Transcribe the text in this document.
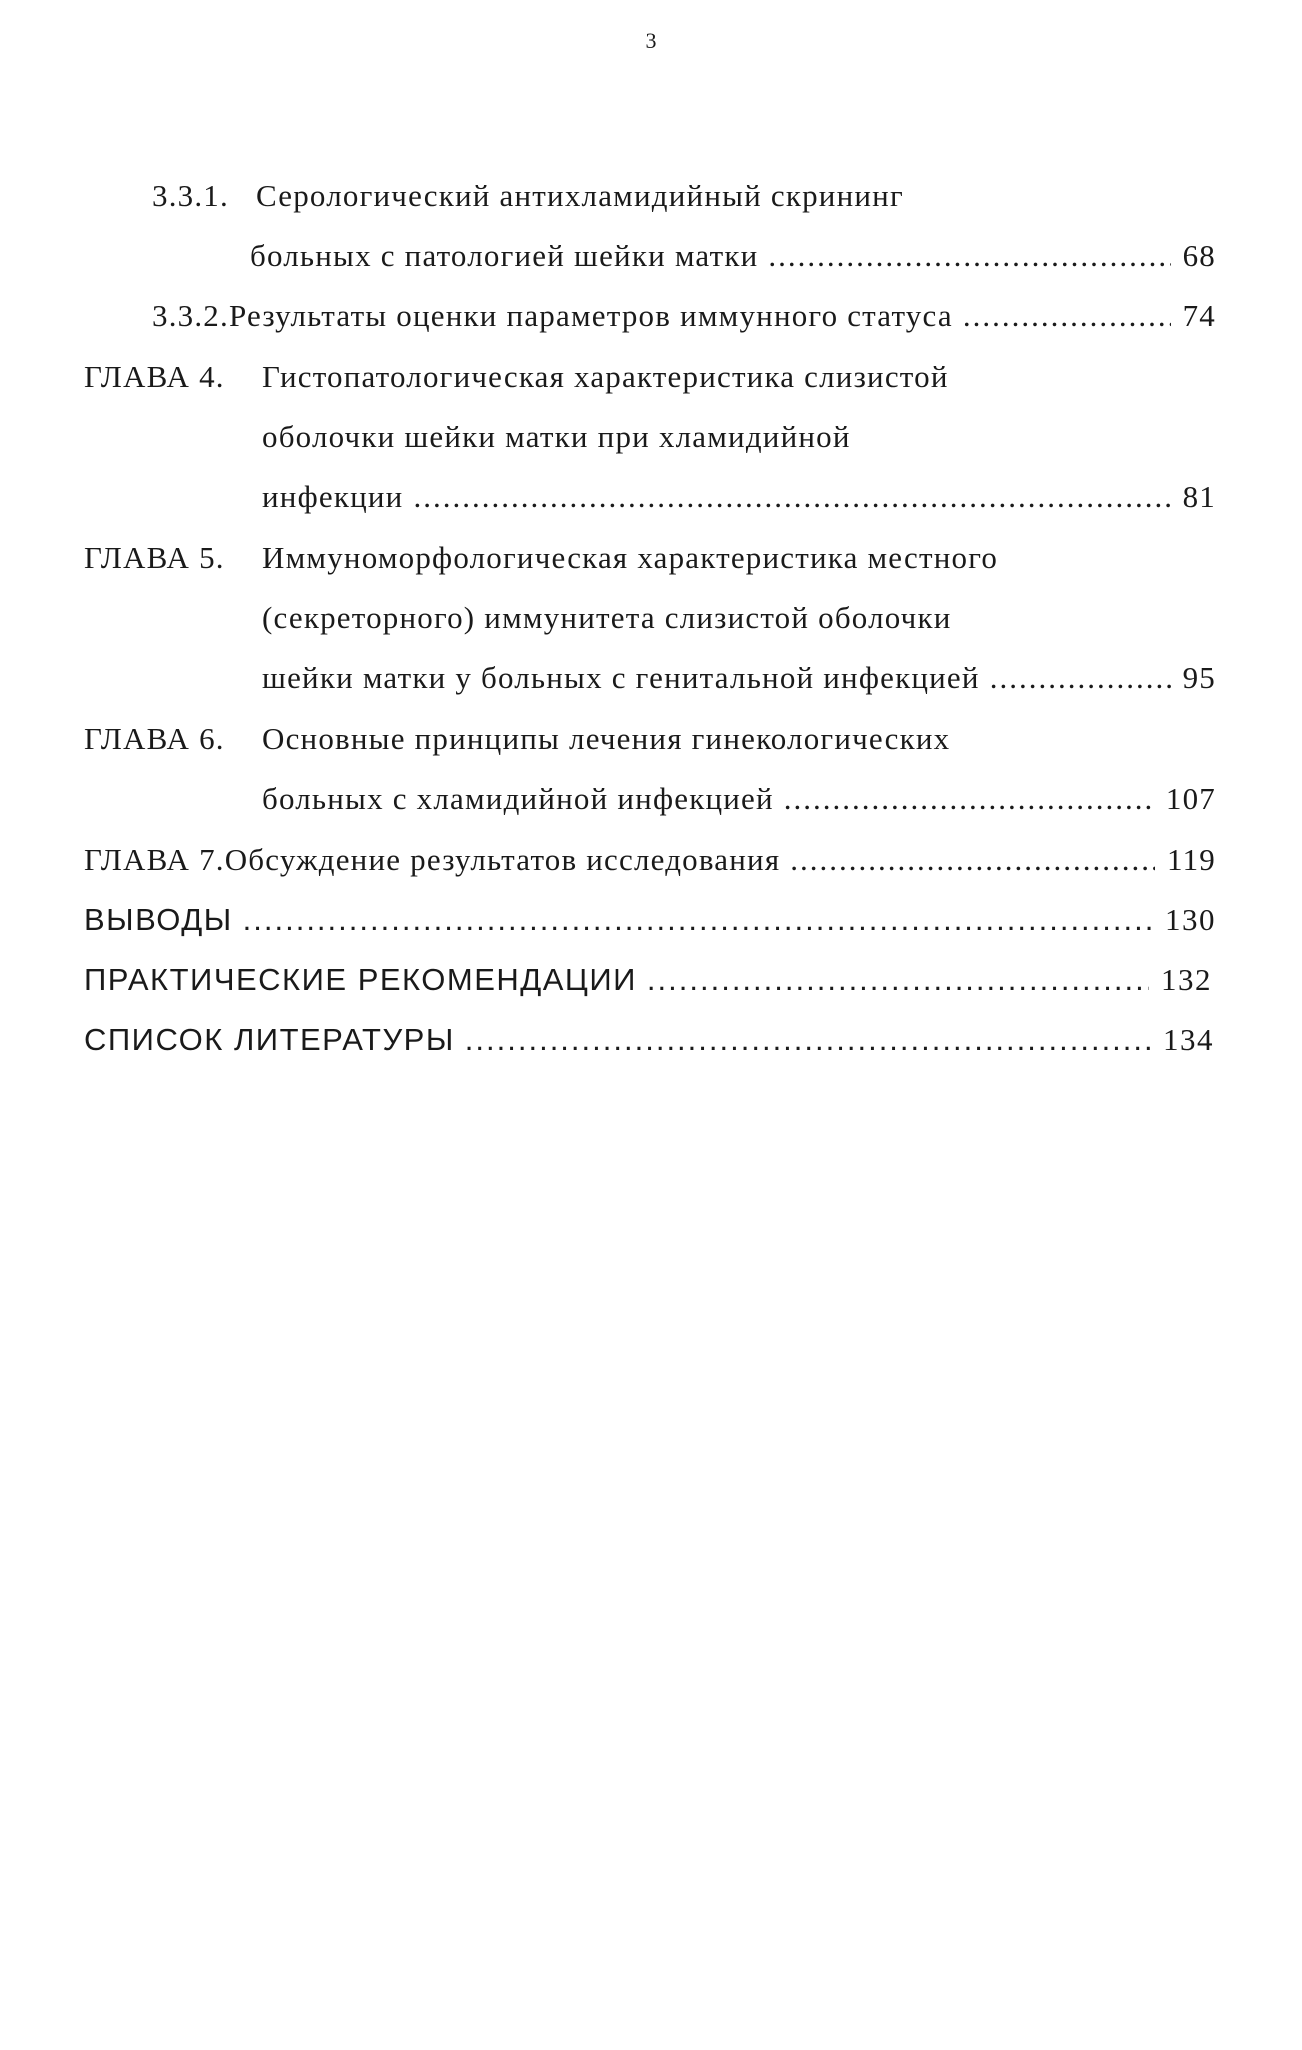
3
3.3.1. Серологический антихламидийный скрининг
больных с патологией шейки матки .....	68
3.3.2. Результаты оценки параметров иммунного статуса .....	74
ГЛАВА 4.	Гистопатологическая характеристика слизистой
оболочки шейки матки при хламидийной
инфекции .....	81
ГЛАВА 5.	Иммуноморфологическая характеристика местного
(секреторного) иммунитета слизистой оболочки
шейки матки у больных с генитальной инфекцией .....	95
ГЛАВА 6.	Основные принципы лечения гинекологических
больных с хламидийной инфекцией .....	107
ГЛАВА 7. Обсуждение результатов исследования .....	119
ВЫВОДЫ .....	130
ПРАКТИЧЕСКИЕ РЕКОМЕНДАЦИИ .....	132
СПИСОК ЛИТЕРАТУРЫ .....	134
